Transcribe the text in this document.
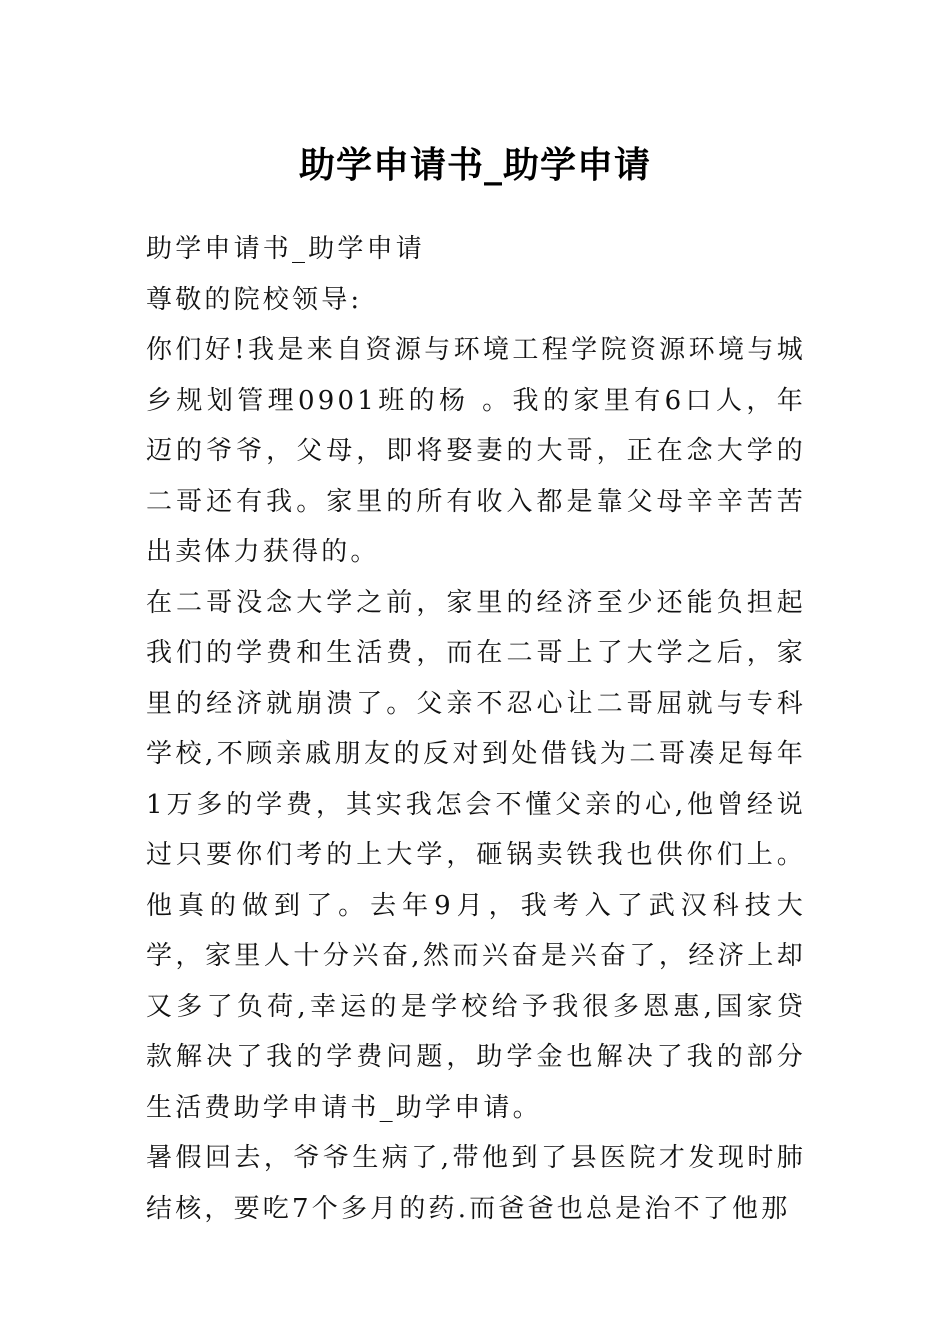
助学申请书_助学申请

助学申请书_助学申请

尊敬的院校领导:

你们好!我是来自资源与环境工程学院资源环境与城乡规划管理0901班的杨 。我的家里有6口人，年迈的爷爷，父母，即将娶妻的大哥，正在念大学的二哥还有我。家里的所有收入都是靠父母辛辛苦苦出卖体力获得的。

在二哥没念大学之前，家里的经济至少还能负担起我们的学费和生活费，而在二哥上了大学之后，家里的经济就崩溃了。父亲不忍心让二哥屈就与专科学校,不顾亲戚朋友的反对到处借钱为二哥凑足每年1万多的学费，其实我怎会不懂父亲的心,他曾经说过只要你们考的上大学，砸锅卖铁我也供你们上。他真的做到了。去年9月，我考入了武汉科技大学，家里人十分兴奋,然而兴奋是兴奋了，经济上却又多了负荷,幸运的是学校给予我很多恩惠,国家贷款解决了我的学费问题，助学金也解决了我的部分生活费助学申请书_助学申请。

暑假回去，爷爷生病了,带他到了县医院才发现时肺结核，要吃7个多月的药.而爸爸也总是治不了他那
